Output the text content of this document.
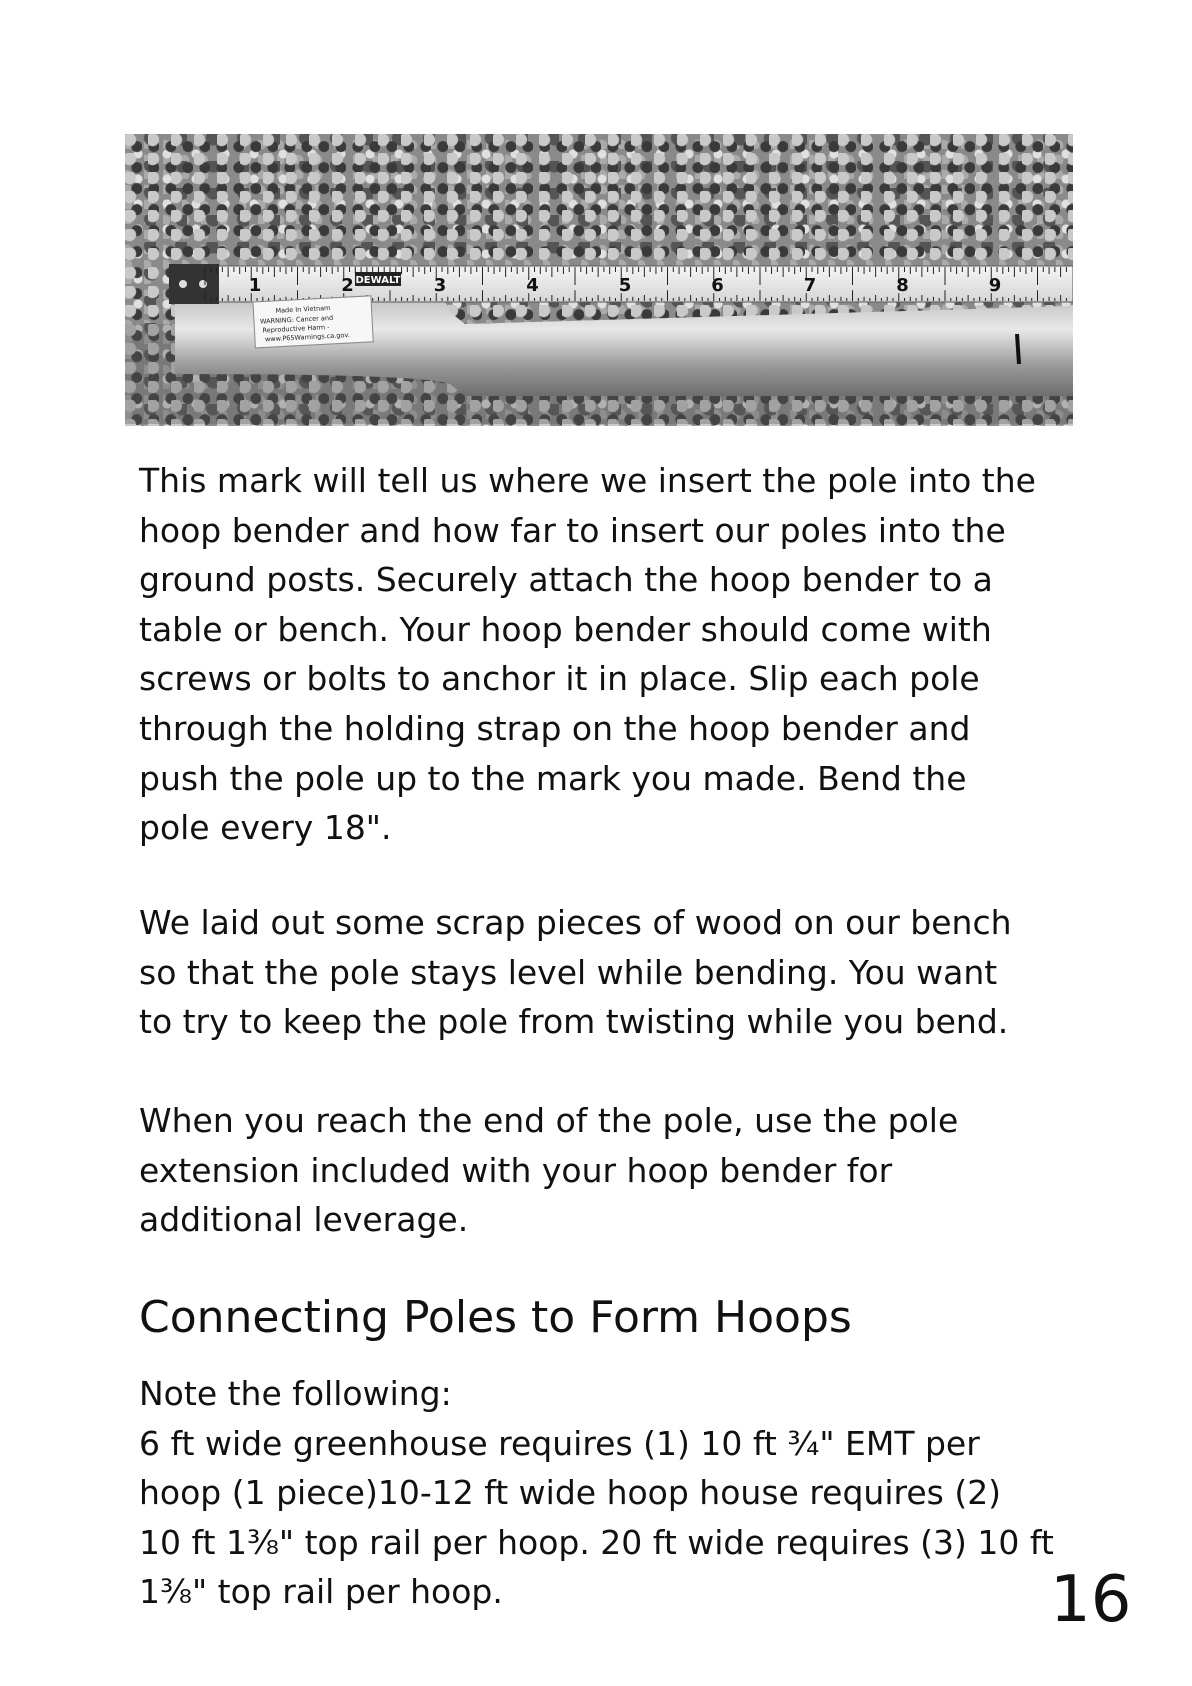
1	2	3	4	5	6	7	8	9
DEWALT
Made In Vietnam
WARNING: Cancer and
Reproductive Harm -
www.P65Warnings.ca.gov.

This mark will tell us where we insert the pole into the
hoop bender and how far to insert our poles into the
ground posts. Securely attach the hoop bender to a
table or bench. Your hoop bender should come with
screws or bolts to anchor it in place. Slip each pole
through the holding strap on the hoop bender and
push the pole up to the mark you made. Bend the
pole every 18".

We laid out some scrap pieces of wood on our bench
so that the pole stays level while bending. You want
to try to keep the pole from twisting while you bend.

When you reach the end of the pole, use the pole
extension included with your hoop bender for
additional leverage.

Connecting Poles to Form Hoops

Note the following:
6 ft wide greenhouse requires (1) 10 ft ¾" EMT per
hoop (1 piece)10-12 ft wide hoop house requires (2)
10 ft 1⅜" top rail per hoop. 20 ft wide requires (3) 10 ft
1⅜" top rail per hoop.	16
